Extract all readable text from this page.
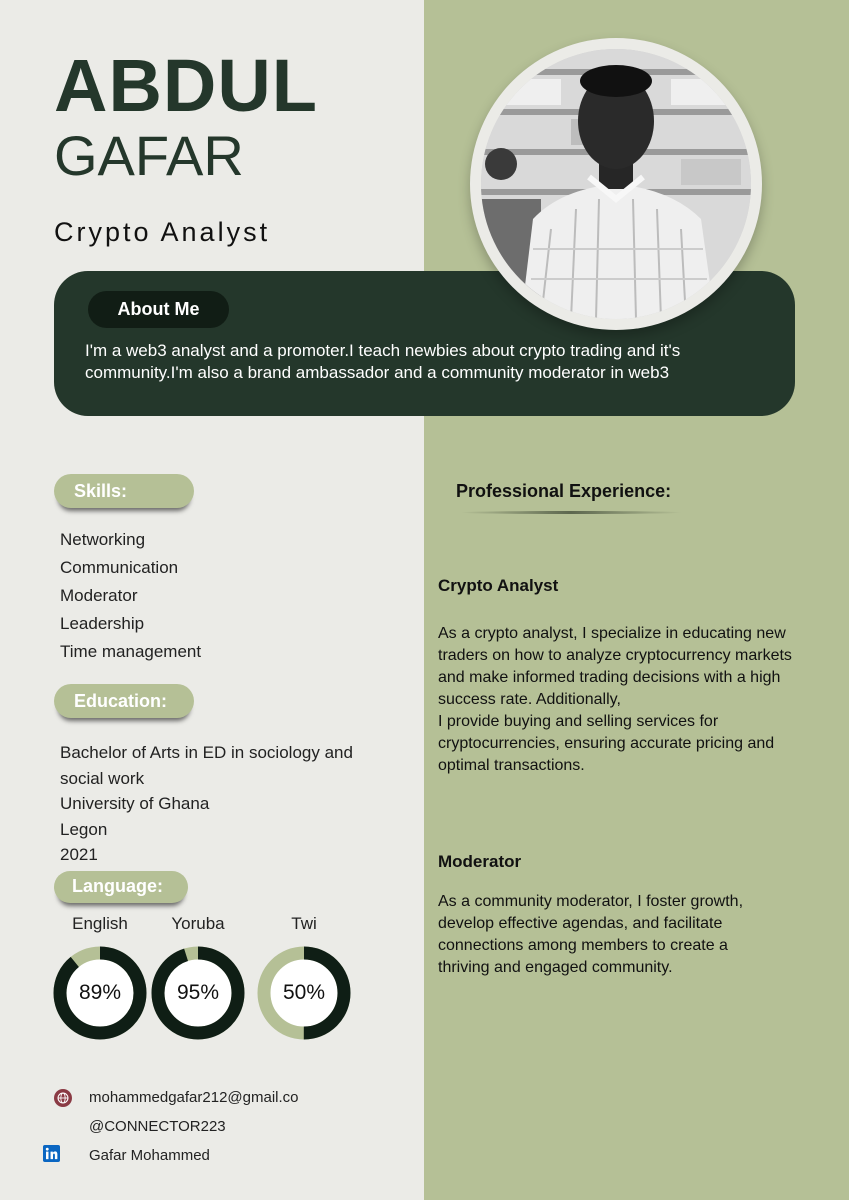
ABDUL
GAFAR
Crypto Analyst
About Me
I'm a web3 analyst and a promoter.I teach newbies about crypto trading and it's community.I'm also a brand ambassador and a community moderator in web3
Skills:
Networking
Communication
Moderator
Leadership
Time management
Education:
Bachelor of Arts in ED in sociology and
social work
University of Ghana
Legon
2021
Language:
English	Yoruba	Twi
89%	95%	50%
Professional Experience:
Crypto Analyst
As a crypto analyst, I specialize in educating new
traders on how to analyze cryptocurrency markets
and make informed trading decisions with a high
success rate. Additionally,
I provide buying and selling services for
cryptocurrencies, ensuring accurate pricing and
optimal transactions.
Moderator
As a community moderator, I foster growth,
develop effective agendas, and facilitate
connections among members to create a
thriving and engaged community.
mohammedgafar212@gmail.co
@CONNECTOR223
Gafar Mohammed
